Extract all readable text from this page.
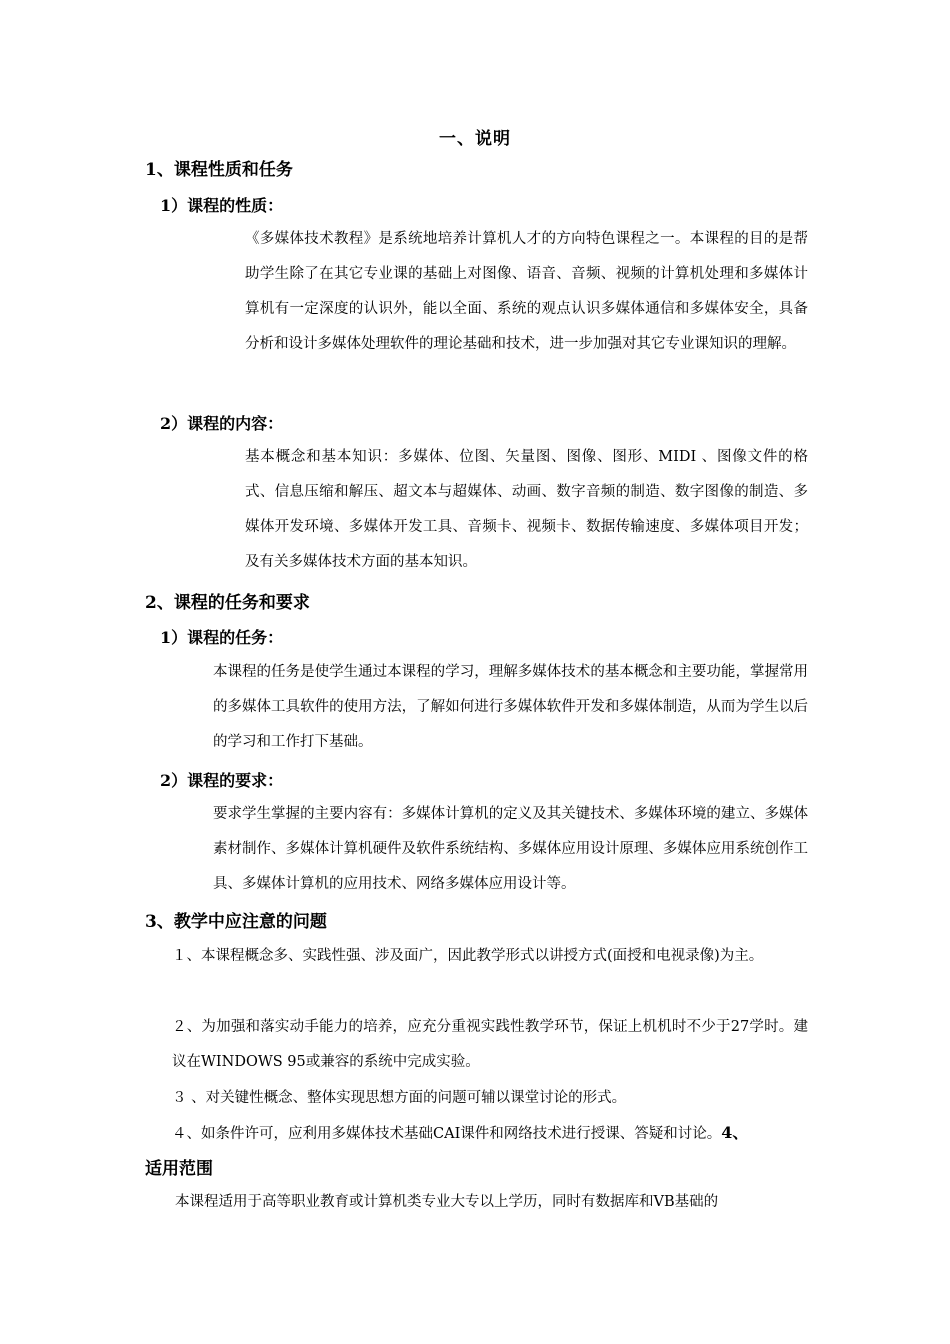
一、说明
1、课程性质和任务
1）课程的性质：

《多媒体技术教程》是系统地培养计算机人才的方向特色课程之一。本课程的目的是帮助学生除了在其它专业课的基础上对图像、语音、音频、视频的计算机处理和多媒体计算机有一定深度的认识外，能以全面、系统的观点认识多媒体通信和多媒体安全，具备分析和设计多媒体处理软件的理论基础和技术，进一步加强对其它专业课知识的理解。

2）课程的内容：

基本概念和基本知识：多媒体、位图、矢量图、图像、图形、MIDI 、图像文件的格式、信息压缩和解压、超文本与超媒体、动画、数字音频的制造、数字图像的制造、多媒体开发环境、多媒体开发工具、音频卡、视频卡、数据传输速度、多媒体项目开发；及有关多媒体技术方面的基本知识。

2、课程的任务和要求
1）课程的任务：

本课程的任务是使学生通过本课程的学习，理解多媒体技术的基本概念和主要功能，掌握常用的多媒体工具软件的使用方法，了解如何进行多媒体软件开发和多媒体制造，从而为学生以后的学习和工作打下基础。

2）课程的要求：

要求学生掌握的主要内容有：多媒体计算机的定义及其关键技术、多媒体环境的建立、多媒体素材制作、多媒体计算机硬件及软件系统结构、多媒体应用设计原理、多媒体应用系统创作工具、多媒体计算机的应用技术、网络多媒体应用设计等。

3、教学中应注意的问题
１、本课程概念多、实践性强、涉及面广，因此教学形式以讲授方式(面授和电视录像)为主。
２、为加强和落实动手能力的培养，应充分重视实践性教学环节，保证上机机时不少于27学时。建议在WINDOWS 95或兼容的系统中完成实验。
３ 、对关键性概念、整体实现思想方面的问题可辅以课堂讨论的形式。
４、如条件许可，应利用多媒体技术基础CAI课件和网络技术进行授课、答疑和讨论。4、
适用范围

本课程适用于高等职业教育或计算机类专业大专以上学历，同时有数据库和VB基础的
